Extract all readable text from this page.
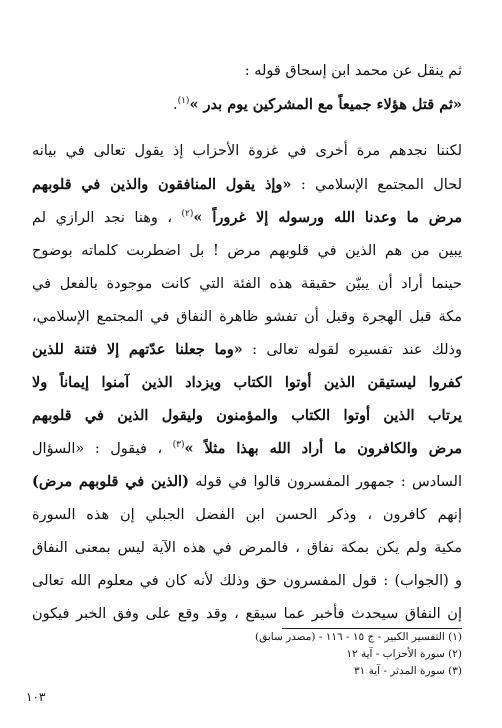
ثم ينقل عن محمد ابن إسحاق قوله :
«ثم قتل هؤلاء جميعاً مع المشركين يوم بدر »$^{(١)}$.
لكننا نجدهم مرة أخرى في غزوة الأحزاب إذ يقول تعالى في بيانه
لحال المجتمع الإسلامي : «وإذ يقول المنافقون والذين في قلوبهم
مرض ما وعدنا الله ورسوله إلا غروراً »$^{(٢)}$ ، وهنا نجد الرازي لم
يبين من هم الذين في قلوبهم مرض ! بل اضطربت كلماته بوضوح
حينما أراد أن يبيّن حقيقة هذه الفئة التي كانت موجودة بالفعل في
مكة قبل الهجرة وقبل أن تفشو ظاهرة النفاق في المجتمع الإسلامي،
وذلك عند تفسيره لقوله تعالى : «وما جعلنا عدّتهم إلا فتنة للذين
كفروا ليستيقن الذين أوتوا الكتاب ويزداد الذين آمنوا إيماناً ولا
يرتاب الذين أوتوا الكتاب والمؤمنون وليقول الذين في قلوبهم
مرض والكافرون ما أراد الله بهذا مثلاً »$^{(٣)}$ ، فيقول : «السؤال
السادس : جمهور المفسرون قالوا في قوله (الذين في قلوبهم مرض)
إنهم كافرون ، وذكر الحسن ابن الفضل الجبلي إن هذه السورة
مكية ولم يكن بمكة نفاق ، فالمرض في هذه الآية ليس بمعنى النفاق
و (الجواب) : قول المفسرون حق وذلك لأنه كان في معلوم الله تعالى
إن النفاق سيحدث فأخبر عما سيقع ، وقد وقع على وفق الخبر فيكون
(١) التفسير الكبير - ج ١٥ - ١١٦ - (مصدر سابق)
(٢) سورة الأحزاب - آية ١٢
(٣) سورة المدثر - آية ٣١
١٠٣
